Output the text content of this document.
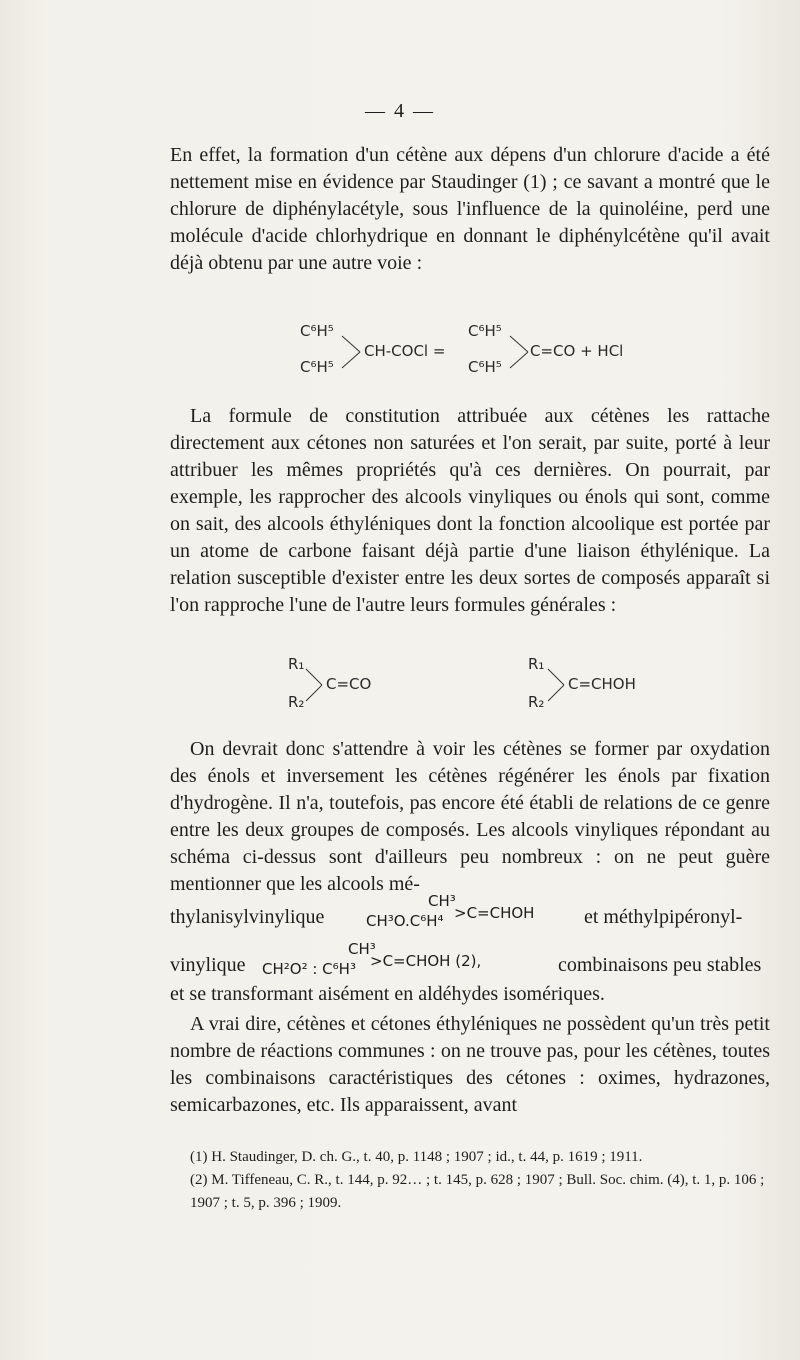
— 4 —

En effet, la formation d'un cétène aux dépens d'un chlorure d'acide a été nettement mise en évidence par Staudinger (1) ; ce savant a montré que le chlorure de diphénylacétyle, sous l'influence de la quinoléine, perd une molécule d'acide chlorhydrique en donnant le diphénylcétène qu'il avait déjà obtenu par une autre voie :

C⁶H⁵
C⁶H⁵
CH-COCl =
C⁶H⁵
C⁶H⁵
C=CO + HCl

La formule de constitution attribuée aux cétènes les rattache directement aux cétones non saturées et l'on serait, par suite, porté à leur attribuer les mêmes propriétés qu'à ces dernières. On pourrait, par exemple, les rapprocher des alcools vinyliques ou énols qui sont, comme on sait, des alcools éthyléniques dont la fonction alcoolique est portée par un atome de carbone faisant déjà partie d'une liaison éthylénique. La relation susceptible d'exister entre les deux sortes de composés apparaît si l'on rapproche l'une de l'autre leurs formules générales :

R₁
R₂
C=CO
R₁
R₂
C=CHOH

On devrait donc s'attendre à voir les cétènes se former par oxydation des énols et inversement les cétènes régénérer les énols par fixation d'hydrogène. Il n'a, toutefois, pas encore été établi de relations de ce genre entre les deux groupes de composés. Les alcools vinyliques répondant au schéma ci-dessus sont d'ailleurs peu nombreux : on ne peut guère mentionner que les alcools mé-

thylanisylvinylique
CH³
CH³O.C⁶H⁴ >C=CHOH et méthylpipéronyl-
vinylique
CH³
CH²O² : C⁶H³ >C=CHOH (2),	combinaisons peu stables
et se transformant aisément en aldéhydes isomériques.

A vrai dire, cétènes et cétones éthyléniques ne possèdent qu'un très petit nombre de réactions communes : on ne trouve pas, pour les cétènes, toutes les combinaisons caractéristiques des cétones : oximes, hydrazones, semicarbazones, etc. Ils apparaissent, avant

(1) H. Staudinger, D. ch. G., t. 40, p. 1148 ; 1907 ; id., t. 44, p. 1619 ; 1911.

(2) M. Tiffeneau, C. R., t. 144, p. 92… ; t. 145, p. 628 ; 1907 ; Bull. Soc. chim. (4), t. 1, p. 106 ; 1907 ; t. 5, p. 396 ; 1909.
